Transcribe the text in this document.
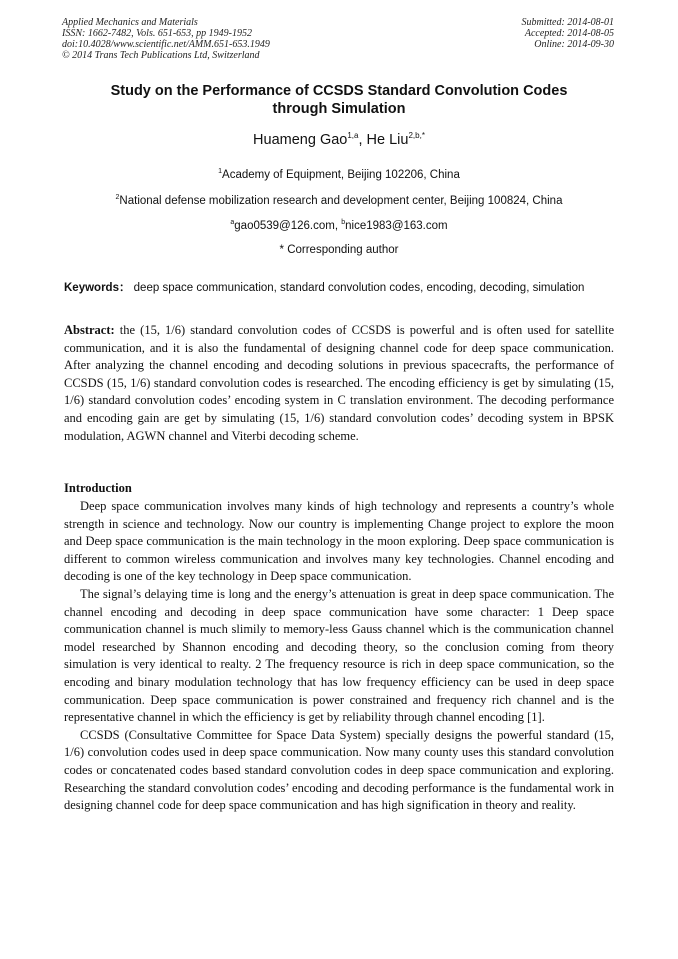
Applied Mechanics and Materials
ISSN: 1662-7482, Vols. 651-653, pp 1949-1952
doi:10.4028/www.scientific.net/AMM.651-653.1949
© 2014 Trans Tech Publications Ltd, Switzerland
Submitted: 2014-08-01
Accepted: 2014-08-05
Online: 2014-09-30
Study on the Performance of CCSDS Standard Convolution Codes
through Simulation
Huameng Gao$^{1,a}$, He Liu$^{2,b,*}$
$^1$Academy of Equipment, Beijing 102206, China
$^2$National defense mobilization research and development center, Beijing 100824, China
$^a$gao0539@126.com, $^b$nice1983@163.com
* Corresponding author
Keywords： deep space communication, standard convolution codes, encoding, decoding, simulation
Abstract: the (15, 1/6) standard convolution codes of CCSDS is powerful and is often used for satellite communication, and it is also the fundamental of designing channel code for deep space communication. After analyzing the channel encoding and decoding solutions in previous spacecrafts, the performance of CCSDS (15, 1/6) standard convolution codes is researched. The encoding efficiency is get by simulating (15, 1/6) standard convolution codes’ encoding system in C translation environment. The decoding performance and encoding gain are get by simulating (15, 1/6) standard convolution codes’ decoding system in BPSK modulation, AGWN channel and Viterbi decoding scheme.
Introduction

Deep space communication involves many kinds of high technology and represents a country’s whole strength in science and technology. Now our country is implementing Change project to explore the moon and Deep space communication is the main technology in the moon exploring. Deep space communication is different to common wireless communication and involves many key technologies. Channel encoding and decoding is one of the key technology in Deep space communication.

The signal’s delaying time is long and the energy’s attenuation is great in deep space communication. The channel encoding and decoding in deep space communication have some character: 1 Deep space communication channel is much slimily to memory-less Gauss channel which is the communication channel model researched by Shannon encoding and decoding theory, so the conclusion coming from theory simulation is very identical to realty. 2 The frequency resource is rich in deep space communication, so the encoding and binary modulation technology that has low frequency efficiency can be used in deep space communication. Deep space communication is power constrained and frequency rich channel and is the representative channel in which the efficiency is get by reliability through channel encoding [1].

CCSDS (Consultative Committee for Space Data System) specially designs the powerful standard (15, 1/6) convolution codes used in deep space communication. Now many county uses this standard convolution codes or concatenated codes based standard convolution codes in deep space communication and exploring. Researching the standard convolution codes’ encoding and decoding performance is the fundamental work in designing channel code for deep space communication and has high signification in theory and reality.
